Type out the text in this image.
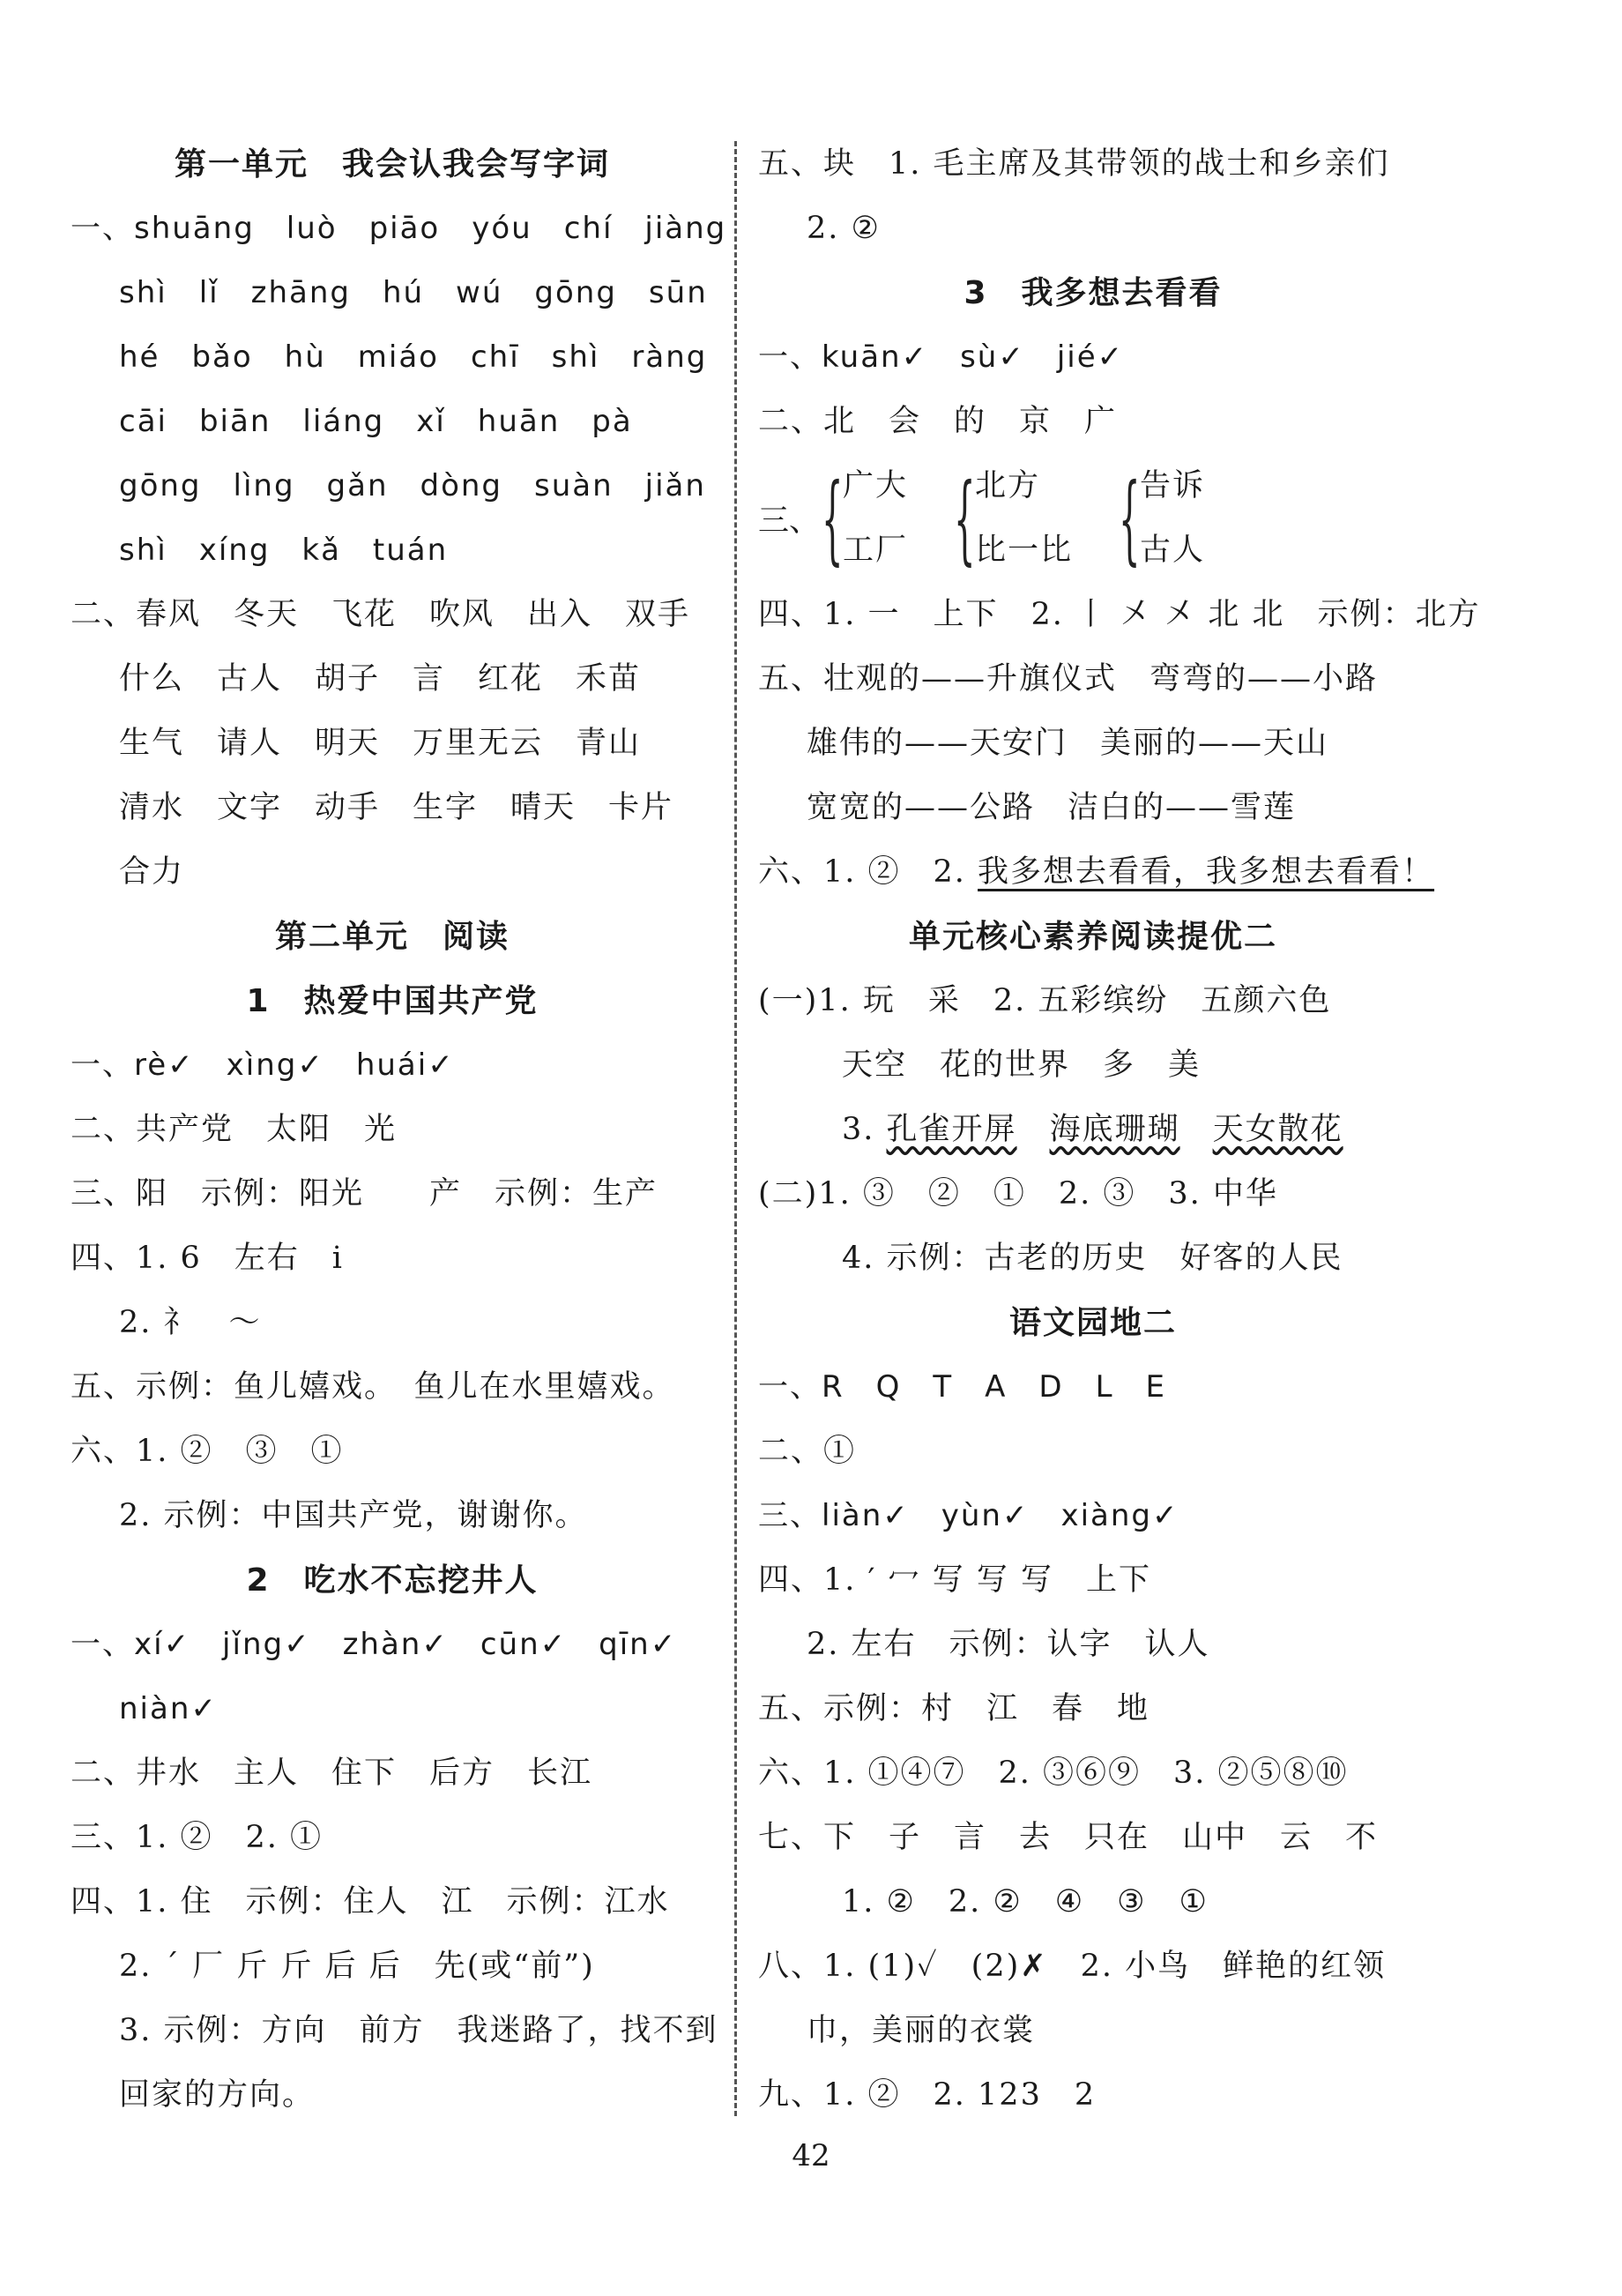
第一单元　我会认我会写字词
一、shuāng　luò　piāo　yóu　chí　jiàng
shì　lǐ　zhāng　hú　wú　gōng　sūn
hé　bǎo　hù　miáo　chī　shì　ràng
cāi　biān　liáng　xǐ　huān　pà
gōng　lìng　gǎn　dòng　suàn　jiǎn
shì　xíng　kǎ　tuán
二、春风　冬天　飞花　吹风　出入　双手
什么　古人　胡子　言　红花　禾苗
生气　请人　明天　万里无云　青山
清水　文字　动手　生字　晴天　卡片
合力
第二单元　阅读
1　热爱中国共产党
一、rè✓　xìng✓　huái✓
二、共产党　太阳　光
三、阳　示例：阳光　　产　示例：生产
四、1. 6　左右　ⅰ
2. 礻　〜
五、示例：鱼儿嬉戏。　鱼儿在水里嬉戏。
六、1. ②　③　①
2. 示例：中国共产党，谢谢你。
2　吃水不忘挖井人
一、xí✓　jǐng✓　zhàn✓　cūn✓　qīn✓
niàn✓
二、井水　主人　住下　后方　长江
三、1. ②　2. ①
四、1. 住　示例：住人　江　示例：江水
2. ˊ 厂 斤 斤 后 后　先(或“前”)
3. 示例：方向　前方　我迷路了，找不到
回家的方向。
五、块　1. 毛主席及其带领的战士和乡亲们
2. ②
3　我多想去看看
一、kuān✓　sù✓　jié✓
二、北　会　的　京　广
三、 { 广大
工厂 { 北方
比一比 { 告诉
古人
四、1. 一　上下　2. 丨 㐅 㐅 北 北　示例：北方
五、壮观的——升旗仪式　弯弯的——小路
雄伟的——天安门　美丽的——天山
宽宽的——公路　洁白的——雪莲
六、1. ②　2. 我多想去看看，我多想去看看！
单元核心素养阅读提优二
(一)1. 玩　采　2. 五彩缤纷　五颜六色
天空　花的世界　多　美
3. 孔雀开屏　 海底珊瑚　 天女散花
(二)1. ③　②　①　2. ③　3. 中华
4. 示例：古老的历史　好客的人民
语文园地二
一、R　Q　T　A　D　L　E
二、①
三、liàn✓　yùn✓　xiàng✓
四、1. ′ 冖 写 写 写　上下
2. 左右　示例：认字　认人
五、示例：村　江　春　地
六、1. ①④⑦　2. ③⑥⑨　3. ②⑤⑧⑩
七、下　子　言　去　只在　山中　云　不
1. ②　2. ②　④　③　①
八、1. (1)✓　(2)✗　2. 小鸟　鲜艳的红领
巾，美丽的衣裳
九、1. ②　2. 123　2
42
